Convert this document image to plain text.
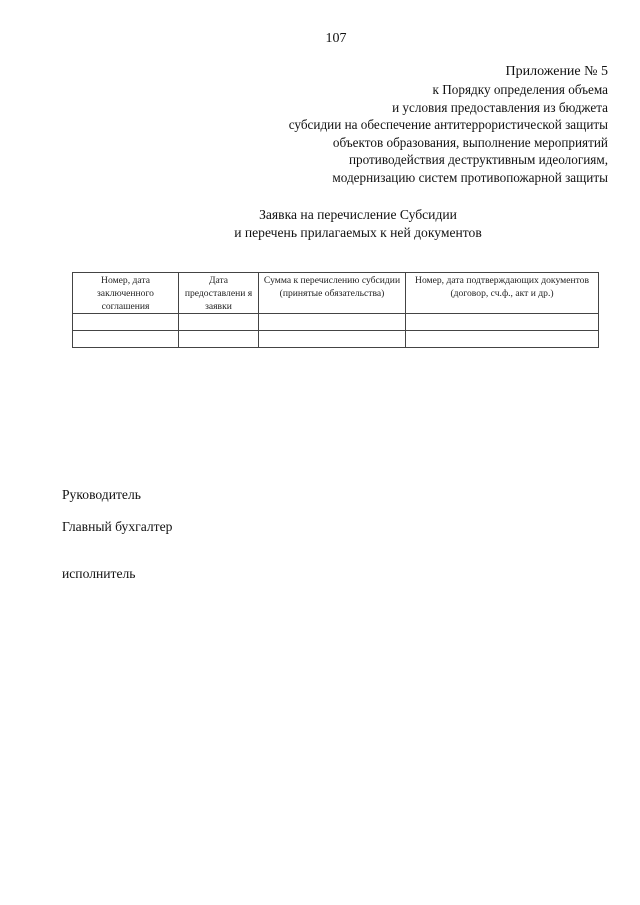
107
Приложение № 5
к Порядку определения объема
и условия предоставления из бюджета
субсидии на обеспечение антитеррористической защиты
объектов образования, выполнение мероприятий
противодействия деструктивным идеологиям,
модернизацию систем противопожарной защиты
Заявка на перечисление Субсидии
и перечень прилагаемых к ней документов
Номер, дата заключенного соглашения	Дата предоставлени я заявки	Сумма к перечислению субсидии (принятые обязательства)	Номер, дата подтверждающих документов (договор, сч.ф., акт и др.)

Руководитель
Главный бухгалтер
исполнитель
